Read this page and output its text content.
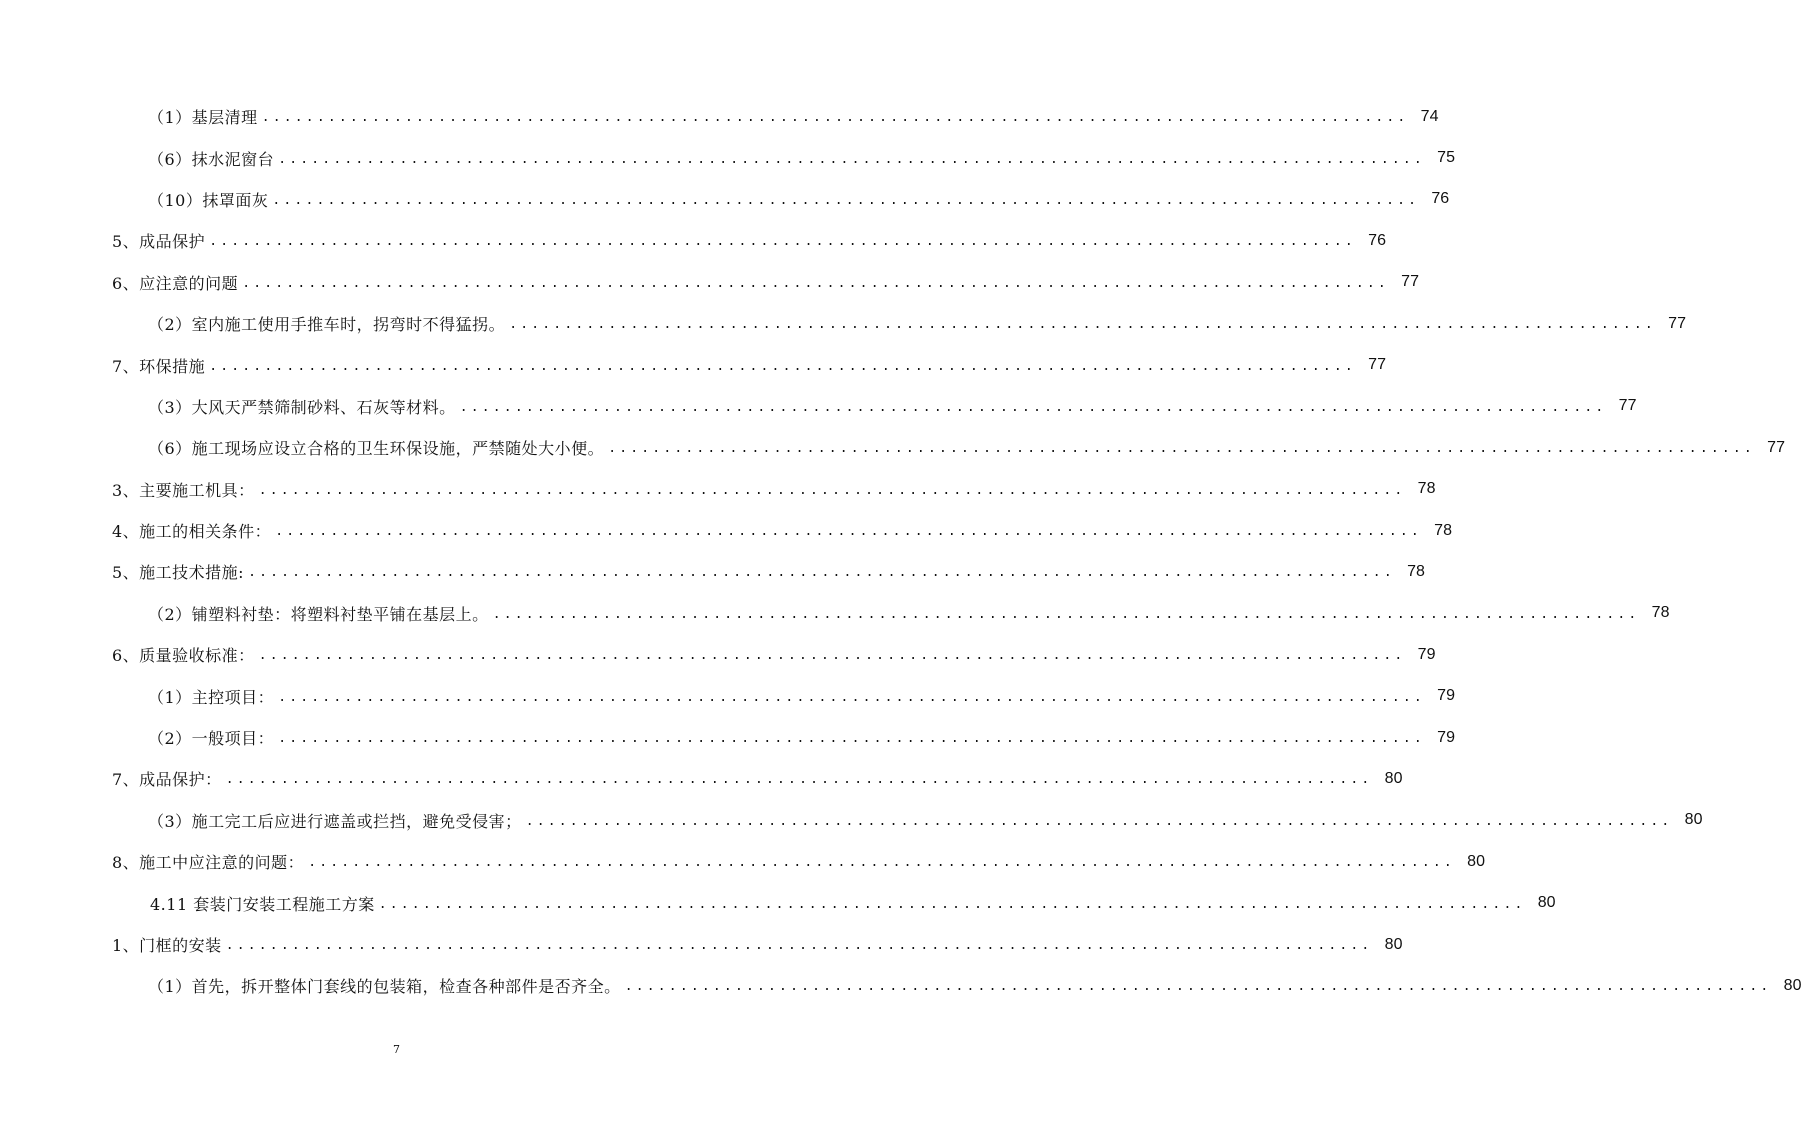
（1）基层清理 ........................................................................................................ 74
（6）抹水泥窗台 ........................................................................................................ 75
（10）抹罩面灰 ........................................................................................................ 76
5、成品保护 ........................................................................................................ 76
6、应注意的问题 ........................................................................................................ 77
（2）室内施工使用手推车时，拐弯时不得猛拐。 ........................................................................................................ 77
7、环保措施 ........................................................................................................ 77
（3）大风天严禁筛制砂料、石灰等材料。 ........................................................................................................ 77
（6）施工现场应设立合格的卫生环保设施，严禁随处大小便。 ........................................................................................................ 77
3、主要施工机具： ........................................................................................................ 78
4、施工的相关条件： ........................................................................................................ 78
5、施工技术措施: ........................................................................................................ 78
（2）铺塑料衬垫：将塑料衬垫平铺在基层上。 ........................................................................................................ 78
6、质量验收标准： ........................................................................................................ 79
（1）主控项目： ........................................................................................................ 79
（2）一般项目： ........................................................................................................ 79
7、成品保护： ........................................................................................................ 80
（3）施工完工后应进行遮盖或拦挡，避免受侵害； ........................................................................................................ 80
8、施工中应注意的问题： ........................................................................................................ 80
4.11 套装门安装工程施工方案 ........................................................................................................ 80
1、门框的安装 ........................................................................................................ 80
（1）首先，拆开整体门套线的包装箱，检查各种部件是否齐全。 ........................................................................................................ 80
7
